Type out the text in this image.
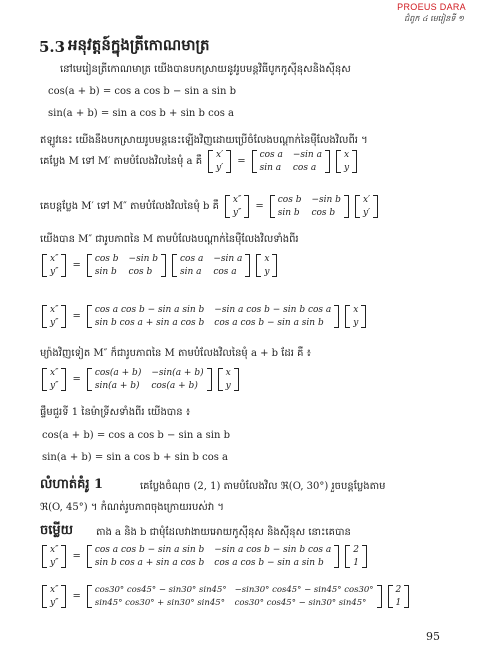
PROEUS DARA
ជំពូក ៤ មេរៀនទី ១
5.3 អនុវត្តន៍ក្នុងត្រីកោណមាត្រ
នៅមេរៀនត្រីកោណមាត្រ យើងបានបកស្រាយនូវរូបមន្តវិធីបូកកូស៊ីនុសនិងស៊ីនុស
cos(a + b) = cos a cos b − sin a sin b
sin(a + b) = sin a cos b + sin b cos a
ឥឡូវនេះ យើងនឹងបកស្រាយរូបមន្តនេះឡើងវិញដោយប្រើចំលែងបណ្តាក់នៃម៉ឺលែងវិលពីរ ។
គេប្លែង M ទៅ M′ តាមបំលែងវិលនៃមុំ a គឺ
x′
y′
=
cos a −sin a
sin a cos a
x
y
គេបន្តប្លែង M′ ទៅ M″ តាមបំលែងវិលនៃមុំ b គឺ
x″
y″
=
cos b −sin b
sin b cos b
x′
y′
យើងបាន M″ ជារូបភាពនៃ M តាមបំលែងបណ្តាក់នៃម៉ឺលែងវិលទាំងពីរ
x″
y″
=
cos b −sin b
sin b cos b
cos a −sin a
sin a cos a
x
y
x″
y″
=
cos a cos b − sin a sin b −sin a cos b − sin b cos a
sin b cos a + sin a cos b cos a cos b − sin a sin b
x
y
ម្យ៉ាងវិញទៀត M″ ក៏ជារូបភាពនៃ M តាមបំលែងវិលនៃមុំ a + b ដែរ គឺ ៖
x″
y″
=
cos(a + b) −sin(a + b)
sin(a + b) cos(a + b)
x
y
ផ្ទឹមជួរទី 1 នៃម៉ាទ្រីសទាំងពីរ យើងបាន ៖
cos(a + b) = cos a cos b − sin a sin b
sin(a + b) = sin a cos b + sin b cos a
លំហាត់គំរូ 1	គេប្លែងចំណុច (2, 1) តាមបំលែងវិល ℜ(O, 30°) រួចបន្តប្លែងតាម
ℜ(O, 45°) ។ កំណត់រូបភាពចុងក្រោយរបស់វា ។
ចម្លើយ តាង a និង b ជាមុំដែលវាងាយអោយកូស៊ីនុស និងស៊ីនុស នោះគេបាន
x″
y″
=
cos a cos b − sin a sin b −sin a cos b − sin b cos a
sin b cos a + sin a cos b cos a cos b − sin a sin b
2
1
x″
y″
=
cos30° cos45° − sin30° sin45° −sin30° cos45° − sin45° cos30°
sin45° cos30° + sin30° sin45° cos30° cos45° − sin30° sin45°
2
1
95
